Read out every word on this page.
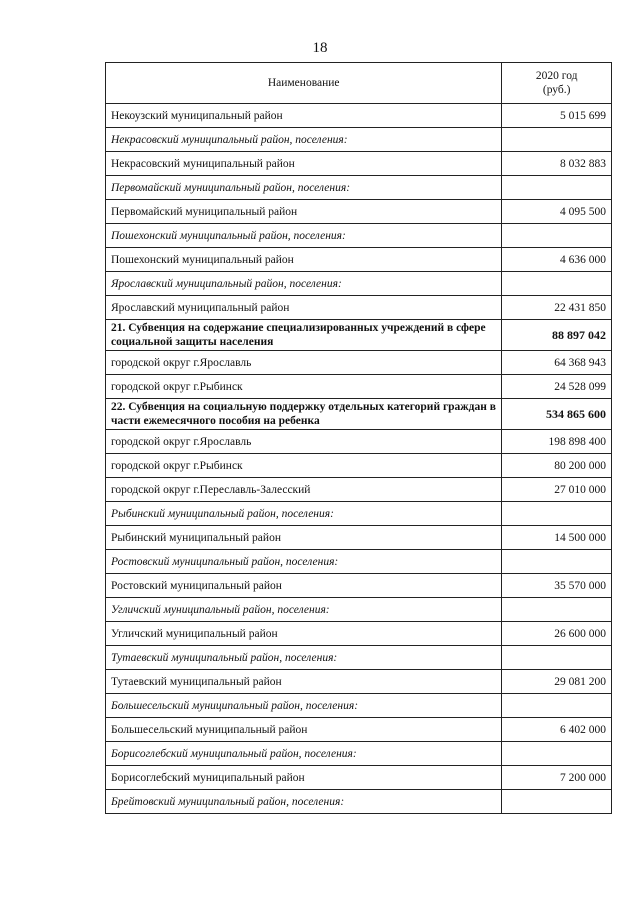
18
Наименование	2020 год
(руб.)
Некоузский муниципальный район	5 015 699
Некрасовский муниципальный район, поселения:	
Некрасовский муниципальный район	8 032 883
Первомайский муниципальный район, поселения:	
Первомайский муниципальный район	4 095 500
Пошехонский муниципальный район, поселения:	
Пошехонский муниципальный район	4 636 000
Ярославский муниципальный район, поселения:	
Ярославский муниципальный район	22 431 850
21. Субвенция на содержание специализированных учреждений в сфере социальной защиты населения	88 897 042
городской округ г.Ярославль	64 368 943
городской округ г.Рыбинск	24 528 099
22. Субвенция на социальную поддержку отдельных категорий граждан в части ежемесячного пособия на ребенка	534 865 600
городской округ г.Ярославль	198 898 400
городской округ г.Рыбинск	80 200 000
городской округ г.Переславль-Залесский	27 010 000
Рыбинский муниципальный район, поселения:	
Рыбинский муниципальный район	14 500 000
Ростовский муниципальный район, поселения:	
Ростовский муниципальный район	35 570 000
Угличский муниципальный район, поселения:	
Угличский муниципальный район	26 600 000
Тутаевский муниципальный район, поселения:	
Тутаевский муниципальный район	29 081 200
Большесельский муниципальный район, поселения:	
Большесельский муниципальный район	6 402 000
Борисоглебский муниципальный район, поселения:	
Борисоглебский муниципальный район	7 200 000
Брейтовский муниципальный район, поселения:	
